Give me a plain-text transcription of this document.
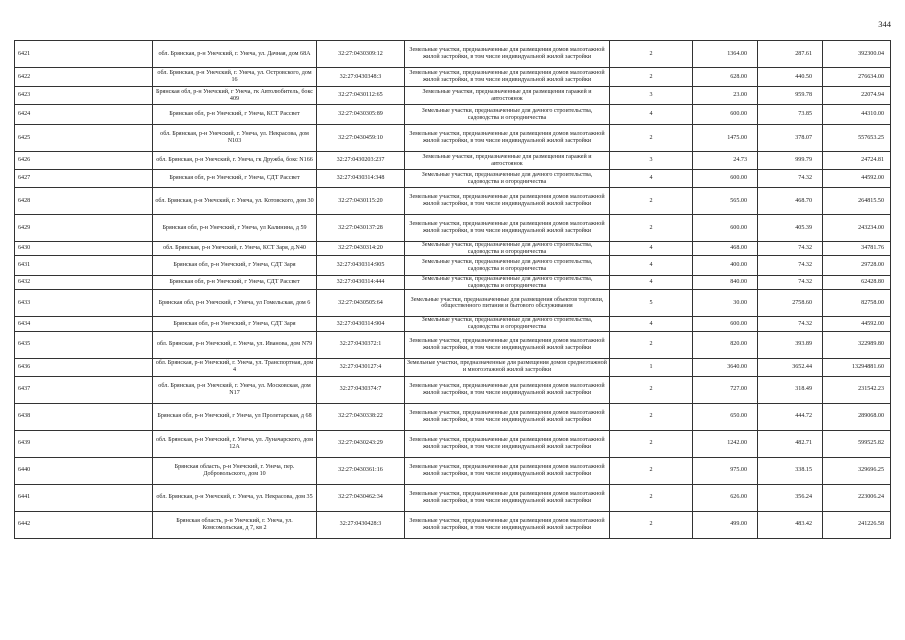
344
6421	обл. Брянская, р-н Унечский, г. Унеча, ул. Дачная, дом 68А	32:27:0430309:12	Земельные участки, предназначенные для размещения домов малоэтажной жилой застройки, в том числе индивидуальной жилой застройки	2	1364.00	287.61	392300.04
6422	обл. Брянская, р-н Унечский, г. Унеча, ул. Островского, дом 16	32:27:0430348:3	Земельные участки, предназначенные для размещения домов малоэтажной жилой застройки, в том числе индивидуальной жилой застройки	2	628.00	440.50	276634.00
6423	Брянская обл, р-н Унечский, г Унеча, гк Автолюбитель, бокс 409	32:27:0430112:65	Земельные участки, предназначенные для размещения гаражей и автостоянок	3	23.00	959.78	22074.94
6424	Брянская обл, р-н Унечский, г Унеча, КСТ Рассвет	32:27:0430305:89	Земельные участки, предназначенные для дачного строительства, садоводства и огородничества	4	600.00	73.85	44310.00
6425	обл. Брянская, р-н Унечский, г. Унеча, ул. Некрасова, дом N103	32:27:0430459:10	Земельные участки, предназначенные для размещения домов малоэтажной жилой застройки, в том числе индивидуальной жилой застройки	2	1475.00	378.07	557653.25
6426	обл. Брянская, р-н Унечский, г. Унеча, гк Дружба, бокс N166	32:27:0430203:237	Земельные участки, предназначенные для размещения гаражей и автостоянок	3	24.73	999.79	24724.81
6427	Брянская обл, р-н Унечский, г Унеча, СДТ Рассвет	32:27:0430314:348	Земельные участки, предназначенные для дачного строительства, садоводства и огородничества	4	600.00	74.32	44592.00
6428	обл. Брянская, р-н Унечский, г. Унеча, ул. Котовского, дом 30	32:27:0430115:20	Земельные участки, предназначенные для размещения домов малоэтажной жилой застройки, в том числе индивидуальной жилой застройки	2	565.00	468.70	264815.50
6429	Брянская обл, р-н Унечский, г Унеча, ул Калинина, д 59	32:27:0430137:28	Земельные участки, предназначенные для размещения домов малоэтажной жилой застройки, в том числе индивидуальной жилой застройки	2	600.00	405.39	243234.00
6430	обл. Брянская, р-н Унечский, г. Унеча, КСТ Заря, д.N40	32:27:0430314:20	Земельные участки, предназначенные для дачного строительства, садоводства и огородничества	4	468.00	74.32	34781.76
6431	Брянская обл, р-н Унечский, г Унеча, СДТ Заря	32:27:0430314:905	Земельные участки, предназначенные для дачного строительства, садоводства и огородничества	4	400.00	74.32	29728.00
6432	Брянская обл, р-н Унечский, г Унеча, СДТ Рассвет	32:27:0430314:444	Земельные участки, предназначенные для дачного строительства, садоводства и огородничества	4	840.00	74.32	62428.80
6433	Брянская обл, р-н Унечский, г Унеча, ул Гомельская, дом 6	32:27:0430505:64	Земельные участки, предназначенные для размещения объектов торговли, общественного питания и бытового обслуживания	5	30.00	2758.60	82758.00
6434	Брянская обл, р-н Унечский, г Унеча, СДТ Заря	32:27:0430314:904	Земельные участки, предназначенные для дачного строительства, садоводства и огородничества	4	600.00	74.32	44592.00
6435	обл. Брянская, р-н Унечский, г. Унеча, ул. Иванова, дом N79	32:27:0430372:1	Земельные участки, предназначенные для размещения домов малоэтажной жилой застройки, в том числе индивидуальной жилой застройки	2	820.00	393.89	322989.80
6436	обл. Брянская, р-н Унечский, г. Унеча, ул. Транспортная, дом 4	32:27:0430127:4	Земельные участки, предназначенные для размещения домов среднеэтажной и многоэтажной жилой застройки	1	3640.00	3652.44	13294881.60
6437	обл. Брянская, р-н Унечский, г. Унеча, ул. Московская, дом N17	32:27:0430374:7	Земельные участки, предназначенные для размещения домов малоэтажной жилой застройки, в том числе индивидуальной жилой застройки	2	727.00	318.49	231542.23
6438	Брянская обл, р-н Унечский, г Унеча, ул Пролетарская, д 68	32:27:0430338:22	Земельные участки, предназначенные для размещения домов малоэтажной жилой застройки, в том числе индивидуальной жилой застройки	2	650.00	444.72	289068.00
6439	обл. Брянская, р-н Унечский, г. Унеча, ул. Луначарского, дом 12А	32:27:0430243:29	Земельные участки, предназначенные для размещения домов малоэтажной жилой застройки, в том числе индивидуальной жилой застройки	2	1242.00	482.71	599525.82
6440	Брянская область, р-н Унечский, г. Унеча, пер. Добровольского, дом 10	32:27:0430361:16	Земельные участки, предназначенные для размещения домов малоэтажной жилой застройки, в том числе индивидуальной жилой застройки	2	975.00	338.15	329696.25
6441	обл. Брянская, р-н Унечский, г. Унеча, ул. Некрасова, дом 35	32:27:0430462:34	Земельные участки, предназначенные для размещения домов малоэтажной жилой застройки, в том числе индивидуальной жилой застройки	2	626.00	356.24	223006.24
6442	Брянская область, р-н Унечский, г. Унеча, ул. Комсомольская, д 7, кв 2	32:27:0430428:3	Земельные участки, предназначенные для размещения домов малоэтажной жилой застройки, в том числе индивидуальной жилой застройки	2	499.00	483.42	241226.58
